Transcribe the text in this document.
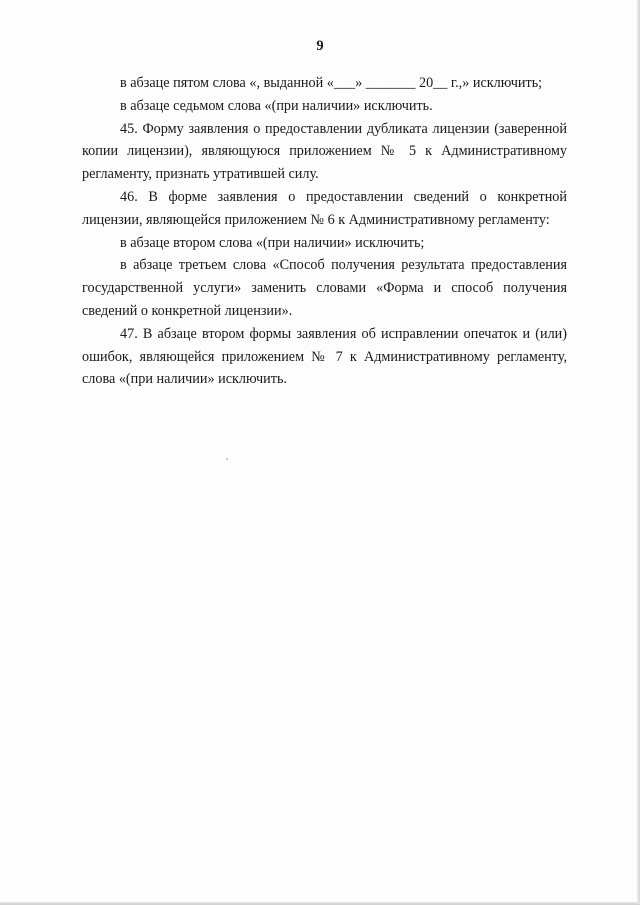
9

в абзаце пятом слова «, выданной «___» _______ 20__ г.,» исключить;

в абзаце седьмом слова «(при наличии» исключить.

45. Форму заявления о предоставлении дубликата лицензии (заверенной копии лицензии), являющуюся приложением № 5 к Административному регламенту, признать утратившей силу.

46. В форме заявления о предоставлении сведений о конкретной лицензии, являющейся приложением № 6 к Административному регламенту:

в абзаце втором слова «(при наличии» исключить;

в абзаце третьем слова «Способ получения результата предоставления государственной услуги» заменить словами «Форма и способ получения сведений о конкретной лицензии».

47. В абзаце втором формы заявления об исправлении опечаток и (или) ошибок, являющейся приложением № 7 к Административному регламенту, слова «(при наличии» исключить.
